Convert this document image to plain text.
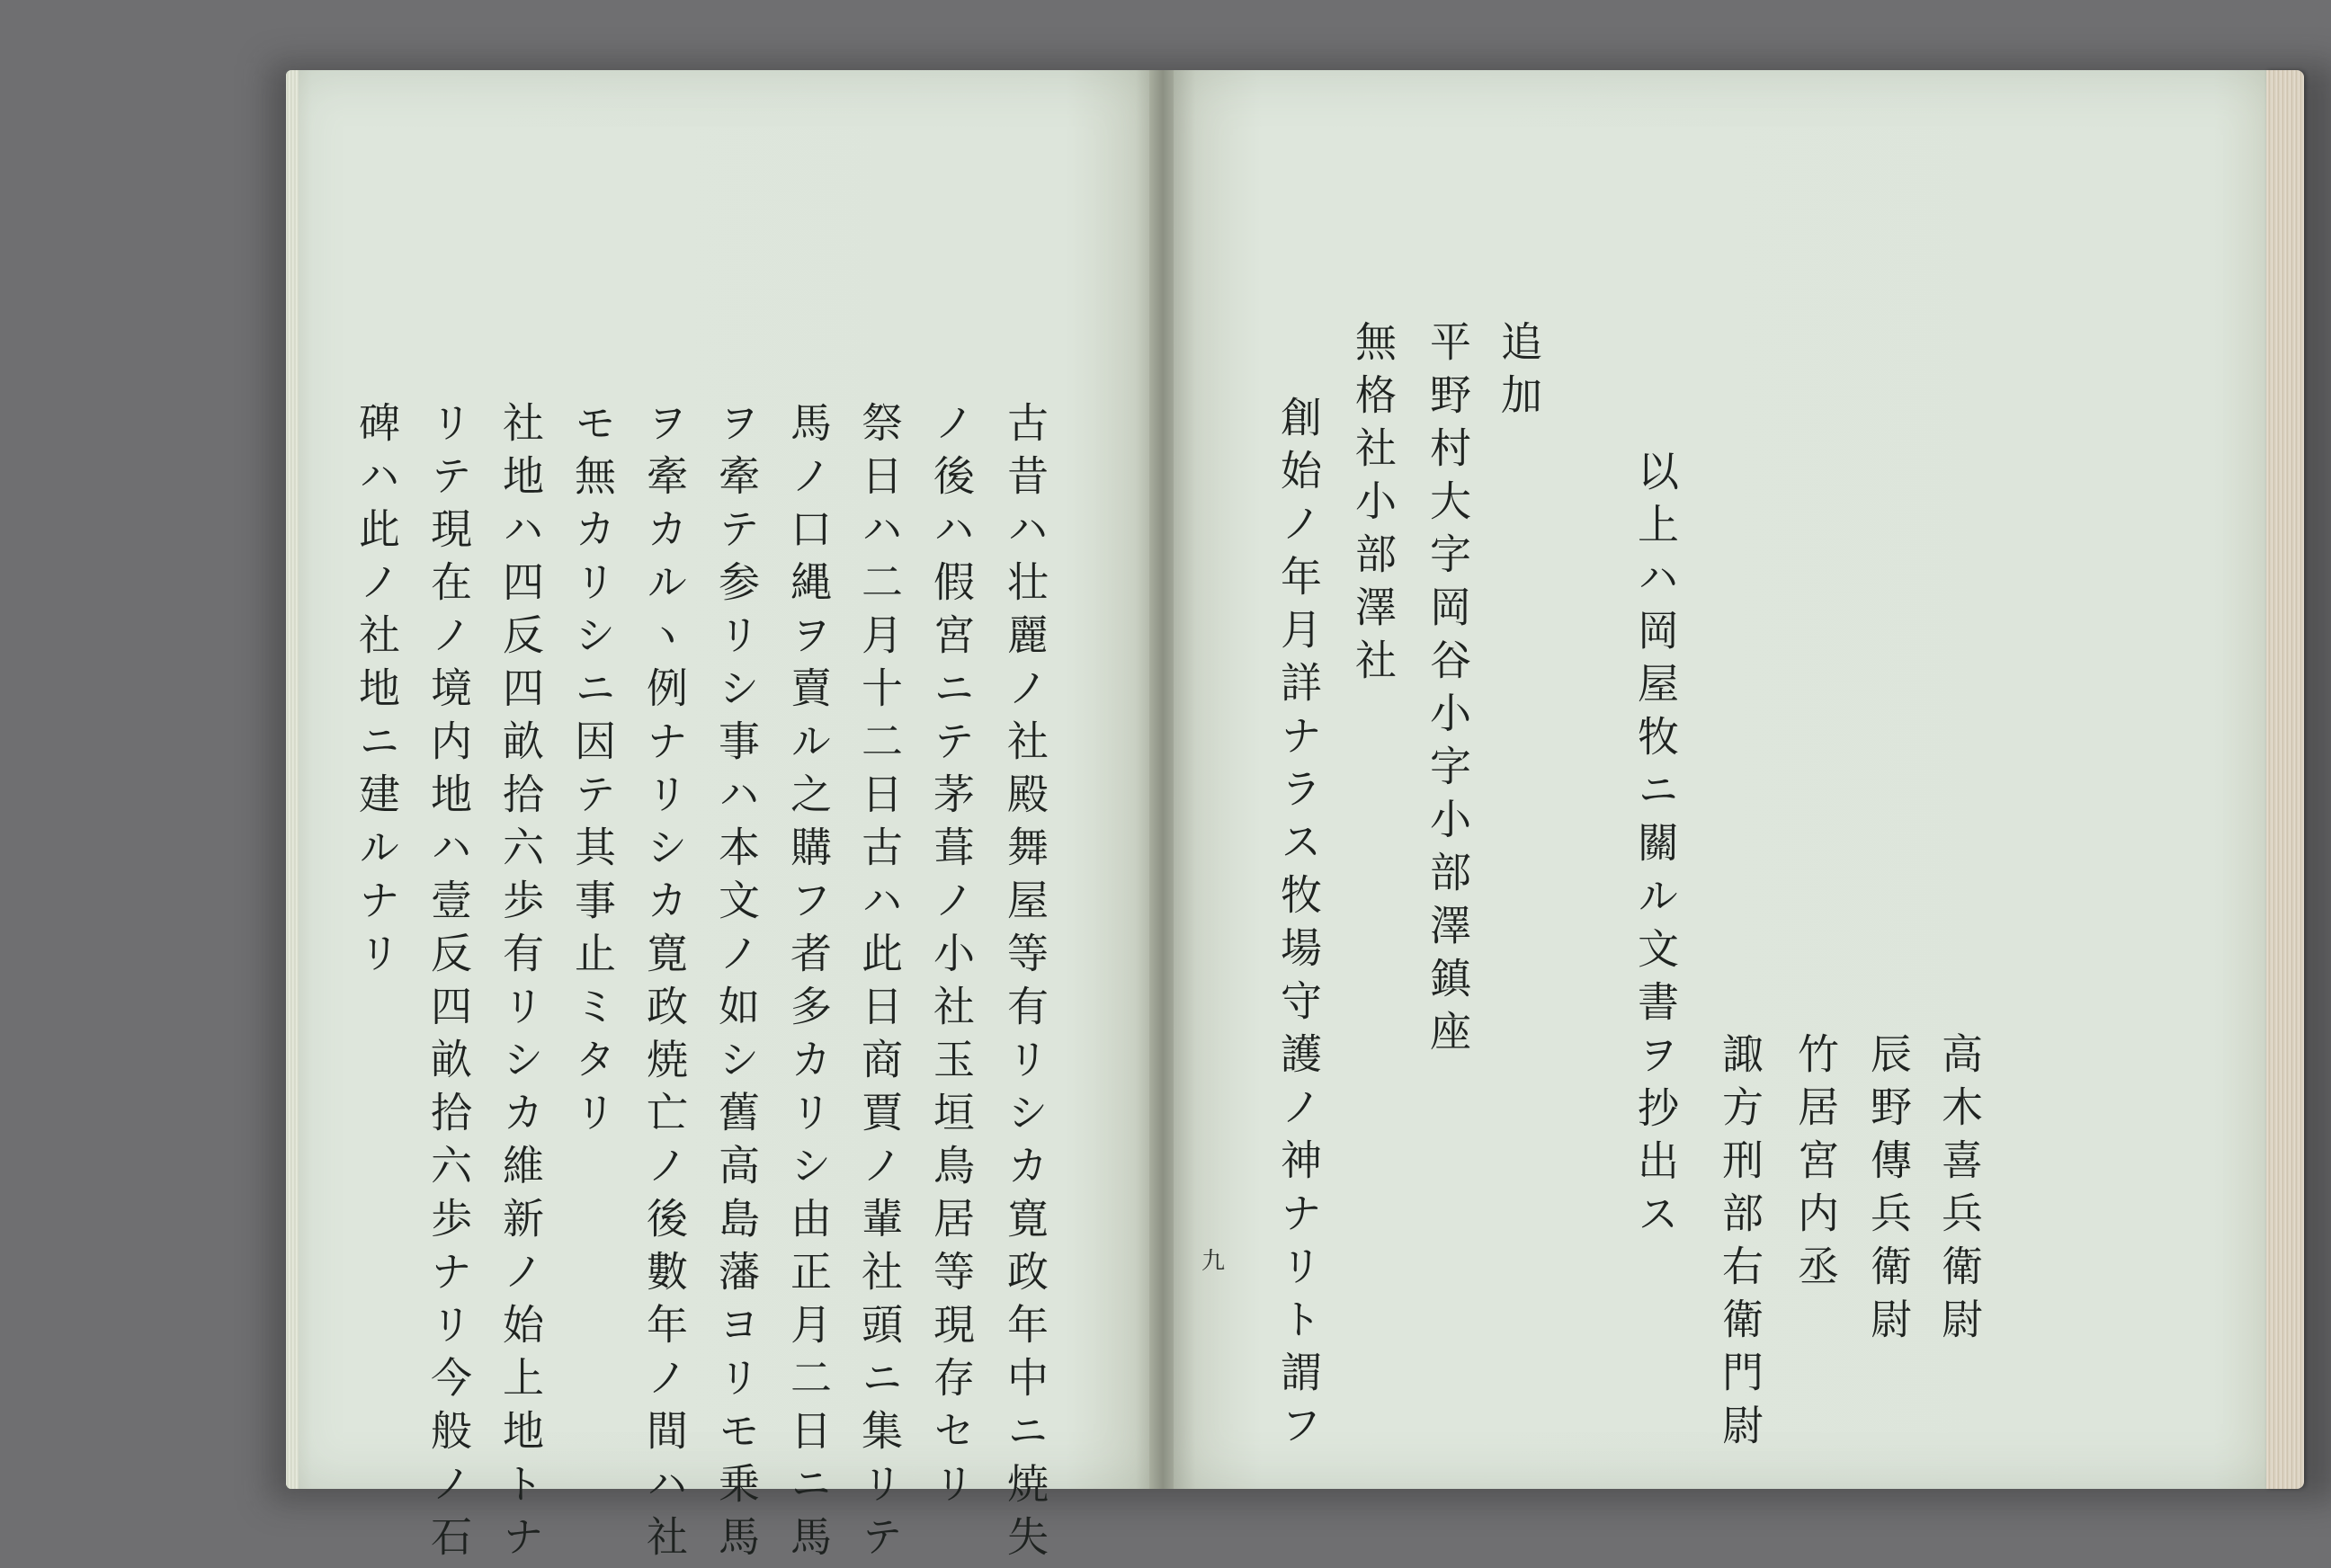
古昔ハ壮麗ノ社殿舞屋等有リシカ寛政年中ニ焼失
ノ後ハ假宮ニテ茅葺ノ小社玉垣鳥居等現存セリ
祭日ハ二月十二日古ハ此日商賈ノ輩社頭ニ集リテ
馬ノ口縄ヲ賣ル之購フ者多カリシ由正月二日ニ馬
ヲ牽テ参リシ事ハ本文ノ如シ舊高島藩ヨリモ乗馬
ヲ牽カルヽ例ナリシカ寛政焼亡ノ後數年ノ間ハ社
モ無カリシニ因テ其事止ミタリ
社地ハ四反四畝拾六歩有リシカ維新ノ始上地トナ
リテ現在ノ境内地ハ壹反四畝拾六歩ナリ今般ノ石
碑ハ此ノ社地ニ建ルナリ
高木喜兵衛尉
辰野傳兵衛尉
竹居宮内丞
諏方刑部右衛門尉
以上ハ岡屋牧ニ關ル文書ヲ抄出ス
追加
平野村大字岡谷小字小部澤鎮座
無格社小部澤社
創始ノ年月詳ナラス牧場守護ノ神ナリト謂フ
九
